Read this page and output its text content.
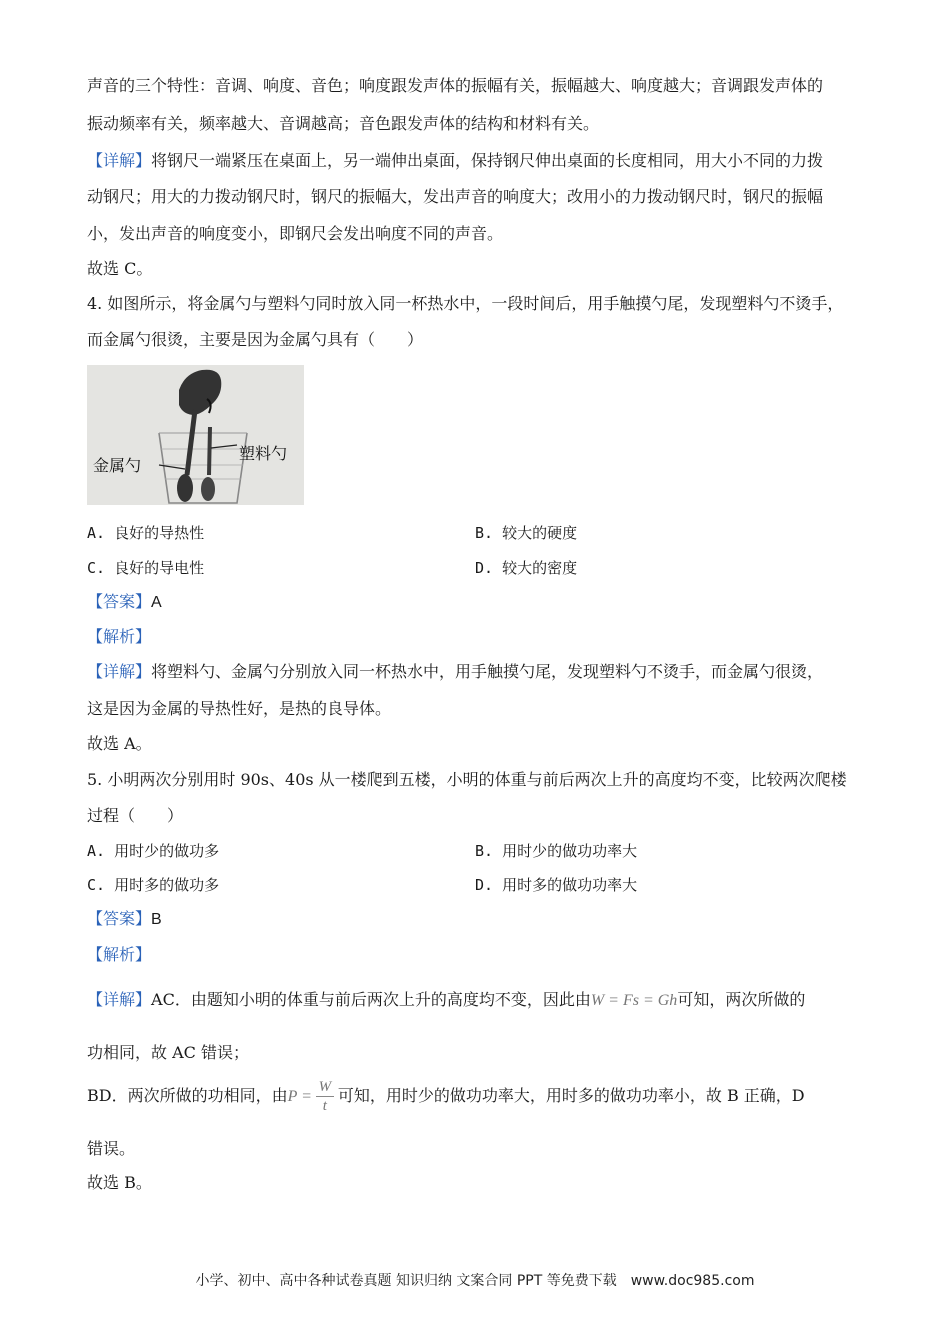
声音的三个特性：音调、响度、音色；响度跟发声体的振幅有关，振幅越大、响度越大；音调跟发声体的
振动频率有关，频率越大、音调越高；音色跟发声体的结构和材料有关。
【详解】将钢尺一端紧压在桌面上，另一端伸出桌面，保持钢尺伸出桌面的长度相同，用大小不同的力拨
动钢尺；用大的力拨动钢尺时，钢尺的振幅大，发出声音的响度大；改用小的力拨动钢尺时，钢尺的振幅
小，发出声音的响度变小，即钢尺会发出响度不同的声音。
故选 C。
4. 如图所示，将金属勺与塑料勺同时放入同一杯热水中，一段时间后，用手触摸勺尾，发现塑料勺不烫手，
而金属勺很烫，主要是因为金属勺具有（　　）
金属勺
塑料勺
A. 良好的导热性	B. 较大的硬度
C. 良好的导电性	D. 较大的密度
【答案】A
【解析】
【详解】将塑料勺、金属勺分别放入同一杯热水中，用手触摸勺尾，发现塑料勺不烫手，而金属勺很烫，
这是因为金属的导热性好，是热的良导体。
故选 A。
5. 小明两次分别用时 90s、40s 从一楼爬到五楼，小明的体重与前后两次上升的高度均不变，比较两次爬楼
过程（　　）
A. 用时少的做功多	B. 用时少的做功功率大
C. 用时多的做功多	D. 用时多的做功功率大
【答案】B
【解析】
【详解】AC．由题知小明的体重与前后两次上升的高度均不变，因此由W = Fs = Gh可知，两次所做的
功相同，故 AC 错误；
BD．两次所做的功相同，由$P = \frac{W}{t}$ 可知，用时少的做功功率大，用时多的做功功率小，故 B 正确，D
错误。
故选 B。
小学、初中、高中各种试卷真题 知识归纳 文案合同 PPT 等免费下载　www.doc985.com
